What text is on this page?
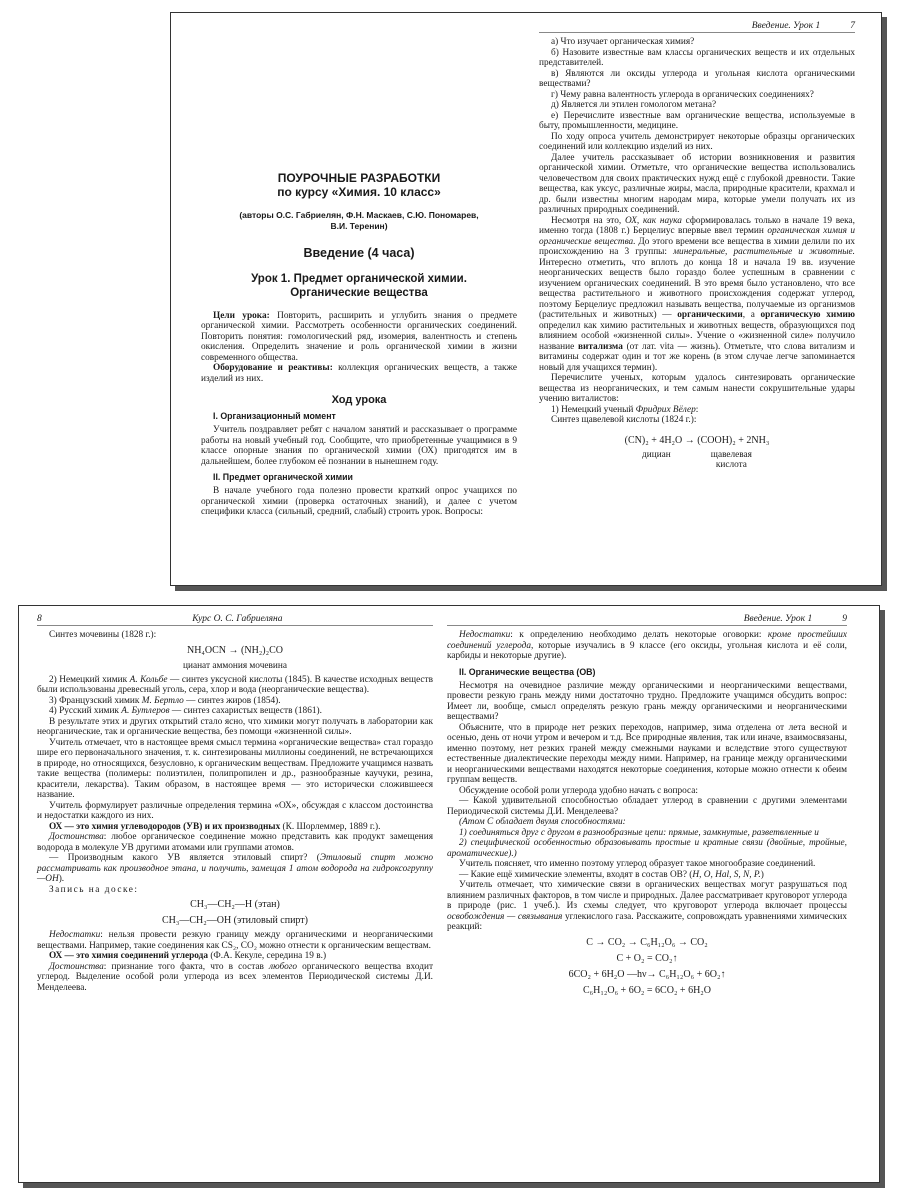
ПОУРОЧНЫЕ РАЗРАБОТКИ
по курсу «Химия. 10 класс»
(авторы О.С. Габриелян, Ф.Н. Маскаев, С.Ю. Пономарев,
В.И. Теренин)
Введение (4 часа)
Урок 1. Предмет органической химии.
Органические вещества

Цели урока: Повторить, расширить и углубить знания о предмете органической химии. Рассмотреть особенности органических соединений. Повторить понятия: гомологический ряд, изомерия, валентность и степень окисления. Определить значение и роль органической химии в жизни современного общества.

Оборудование и реактивы: коллекция органических веществ, а также изделий из них.

Ход урока
I. Организационный момент

Учитель поздравляет ребят с началом занятий и рассказывает о программе работы на новый учебный год. Сообщите, что приобретенные учащимися в 9 классе опорные знания по органической химии (ОХ) пригодятся им в дальнейшем, более глубоком её познании в нынешнем году.

II. Предмет органической химии

В начале учебного года полезно провести краткий опрос учащихся по органической химии (проверка остаточных знаний), и далее с учетом специфики класса (сильный, средний, слабый) строить урок. Вопросы:

Введение. Урок 1	7

а) Что изучает органическая химия?

б) Назовите известные вам классы органических веществ и их отдельных представителей.

в) Являются ли оксиды углерода и угольная кислота органическими веществами?

г) Чему равна валентность углерода в органических соединениях?

д) Является ли этилен гомологом метана?

е) Перечислите известные вам органические вещества, используемые в быту, промышленности, медицине.

По ходу опроса учитель демонстрирует некоторые образцы органических соединений или коллекцию изделий из них.

Далее учитель рассказывает об истории возникновения и развития органической химии. Отметьте, что органические вещества использовались человечеством для своих практических нужд ещё с глубокой древности. Такие вещества, как уксус, различные жиры, масла, природные красители, крахмал и др. были известны многим народам мира, которые умели получать их из различных природных соединений.

Несмотря на это, ОХ, как наука сформировалась только в начале 19 века, именно тогда (1808 г.) Берцелиус впервые ввел термин органическая химия и органические вещества. До этого времени все вещества в химии делили по их происхождению на 3 группы: минеральные, растительные и животные. Интересно отметить, что вплоть до конца 18 и начала 19 вв. изучение неорганических веществ было гораздо более успешным в сравнении с изучением органических соединений. В это время было установлено, что все вещества растительного и животного происхождения содержат углерод, поэтому Берцелиус предложил называть вещества, получаемые из организмов (растительных и животных) — органическими, а органическую химию определил как химию растительных и животных веществ, образующихся под влиянием особой «жизненной силы». Учение о «жизненной силе» получило название витализма (от лат. vita — жизнь). Отметьте, что слова витализм и витамины содержат один и тот же корень (в этом случае легче запоминается новый для учащихся термин).

Перечислите ученых, которым удалось синтезировать органические вещества из неорганических, и тем самым нанести сокрушительные удары учению виталистов:

1) Немецкий ученый Фридрих Вёлер:

Синтез щавелевой кислоты (1824 г.):

(CN)₂ + 4H₂O → (COOH)₂ + 2NH₃
дициан	щавелевая
кислота
8	Курс О. С. Габриеляна

Синтез мочевины (1828 г.):

NH₄OCN → (NH₂)₂CO
цианат аммония мочевина

2) Немецкий химик А. Кольбе — синтез уксусной кислоты (1845). В качестве исходных веществ были использованы древесный уголь, сера, хлор и вода (неорганические вещества).

3) Французский химик М. Бертло — синтез жиров (1854).

4) Русский химик А. Бутлеров — синтез сахаристых веществ (1861).

В результате этих и других открытий стало ясно, что химики могут получать в лаборатории как неорганические, так и органические вещества, без помощи «жизненной силы».

Учитель отмечает, что в настоящее время смысл термина «органические вещества» стал гораздо шире его первоначального значения, т. к. синтезированы миллионы соединений, не встречающихся в природе, но относящихся, безусловно, к органическим веществам. Предложите учащимся назвать такие вещества (полимеры: полиэтилен, полипропилен и др., разнообразные каучуки, резина, красители, лекарства). Таким образом, в настоящее время — это исторически сложившееся название.

Учитель формулирует различные определения термина «ОХ», обсуждая с классом достоинства и недостатки каждого из них.

ОХ — это химия углеводородов (УВ) и их производных (К. Шорлеммер, 1889 г.).

Достоинства: любое органическое соединение можно представить как продукт замещения водорода в молекуле УВ другими атомами или группами атомов.

— Производным какого УВ является этиловый спирт? (Этиловый спирт можно рассматривать как производное этана, и получить, замещая 1 атом водорода на гидроксогруппу —OH).

Запись на доске:

CH₃—CH₂—H (этан)
CH₃—CH₂—OH (этиловый спирт)

Недостатки: нельзя провести резкую границу между органическими и неорганическими веществами. Например, такие соединения как CS₂, CO₂ можно отнести к органическим веществам.

ОХ — это химия соединений углерода (Ф.А. Кекуле, середина 19 в.)

Достоинства: признание того факта, что в состав любого органического вещества входит углерод. Выделение особой роли углерода из всех элементов Периодической системы Д.И. Менделеева.

Введение. Урок 1	9

Недостатки: к определению необходимо делать некоторые оговорки: кроме простейших соединений углерода, которые изучались в 9 классе (его оксиды, угольная кислота и её соли, карбиды и некоторые другие).

II. Органические вещества (ОВ)

Несмотря на очевидное различие между органическими и неорганическими веществами, провести резкую грань между ними достаточно трудно. Предложите учащимся обсудить вопрос: Имеет ли, вообще, смысл определять резкую грань между органическими и неорганическими веществами?

Объясните, что в природе нет резких переходов, например, зима отделена от лета весной и осенью, день от ночи утром и вечером и т.д. Все природные явления, так или иначе, взаимосвязаны, именно поэтому, нет резких граней между смежными науками и вследствие этого существуют естественные диалектические переходы между ними. Например, на границе между органическими и неорганическими веществами находятся некоторые соединения, которые можно отнести к обеим группам веществ.

Обсуждение особой роли углерода удобно начать с вопроса:

— Какой удивительной способностью обладает углерод в сравнении с другими элементами Периодической системы Д.И. Менделеева?

(Атом С обладает двумя способностями:

1) соединяться друг с другом в разнообразные цепи: прямые, замкнутые, разветвленные и

2) специфической особенностью образовывать простые и кратные связи (двойные, тройные, ароматические).)

Учитель поясняет, что именно поэтому углерод образует такое многообразие соединений.

— Какие ещё химические элементы, входят в состав ОВ? (H, O, Hal, S, N, P.)

Учитель отмечает, что химические связи в органических веществах могут разрушаться под влиянием различных факторов, в том числе и природных. Далее рассматривает круговорот углерода в природе (рис. 1 учеб.). Из схемы следует, что круговорот углерода включает процессы освобождения — связывания углекислого газа. Расскажите, сопровождать уравнениями химических реакций:

C → CO₂ → C₆H₁₂O₆ → CO₂
C + O₂ = CO₂↑
6CO₂ + 6H₂O —hν→ C₆H₁₂O₆ + 6O₂↑
C₆H₁₂O₆ + 6O₂ = 6CO₂ + 6H₂O
